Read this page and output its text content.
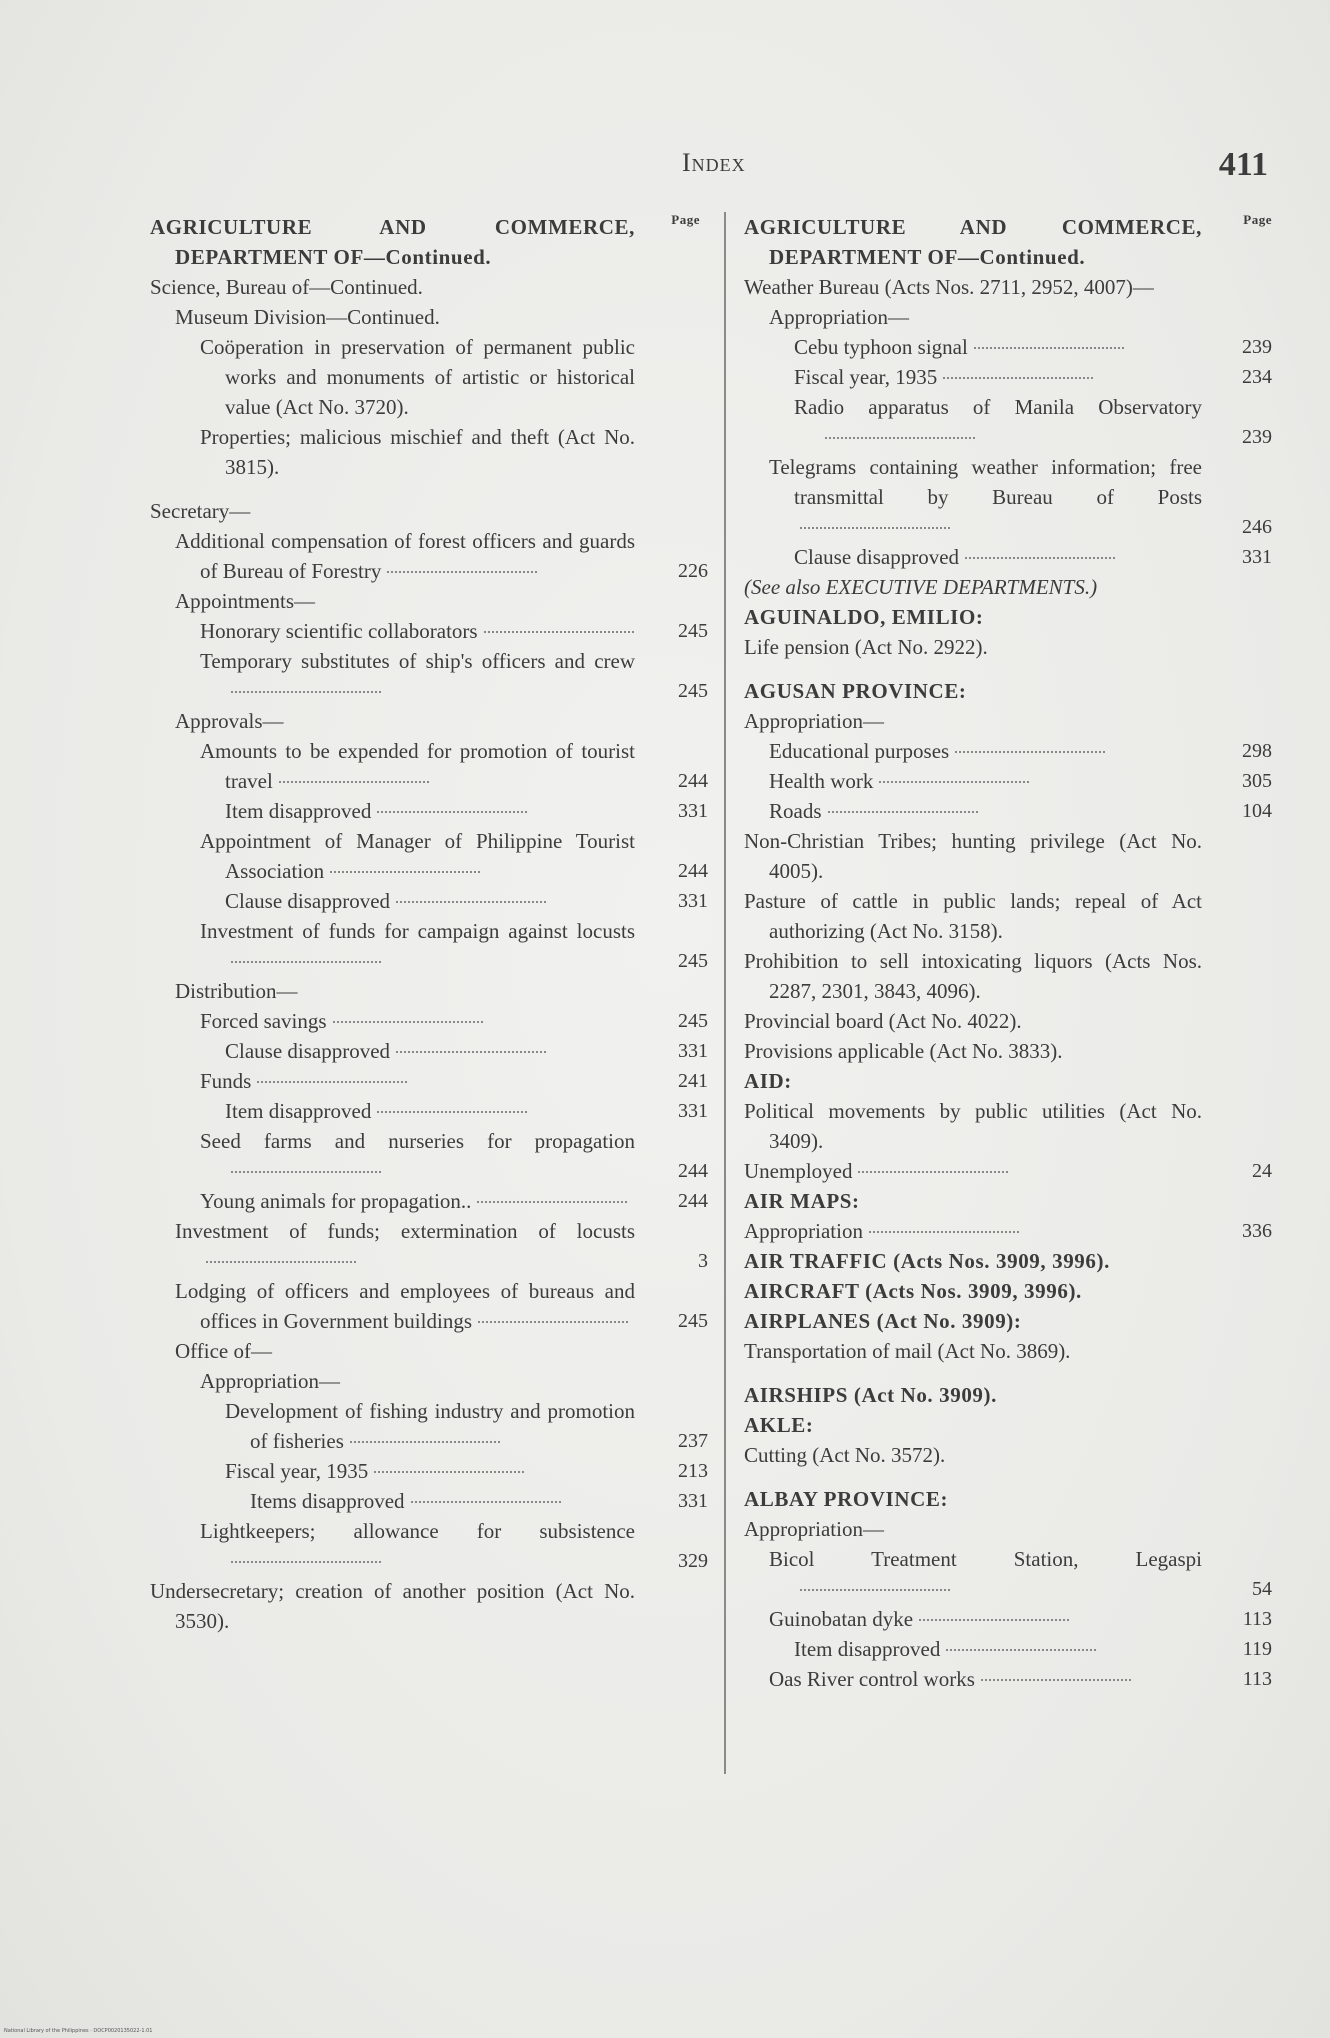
Index	411
Page
AGRICULTURE AND COMMERCE, DEPARTMENT OF—Continued.
Science, Bureau of—Continued.
Museum Division—Continued.
Coöperation in preservation of permanent public works and monuments of artistic or historical value (Act No. 3720).
Properties; malicious mischief and theft (Act No. 3815).
Secretary—
Additional compensation of forest officers and guards of Bureau of Forestry	226
Appointments—
Honorary scientific collaborators	245
Temporary substitutes of ship's officers and crew
245
Approvals—
Amounts to be expended for promotion of tourist travel	244
Item disapproved	331
Appointment of Manager of Philippine Tourist Association	244
Clause disapproved	331
Investment of funds for campaign against locusts
245
Distribution—
Forced savings	245
Clause disapproved	331
Funds	241
Item disapproved	331
Seed farms and nurseries for propagation
244
Young animals for propagation..	244
Investment of funds; extermination of locusts
3
Lodging of officers and employees of bureaus and offices in Government buildings	245
Office of—
Appropriation—
Development of fishing industry and promotion of fisheries	237
Fiscal year, 1935	213
Items disapproved	331
Lightkeepers; allowance for subsistence
329
Undersecretary; creation of another position (Act No. 3530).
Page
AGRICULTURE AND COMMERCE, DEPARTMENT OF—Continued.
Weather Bureau (Acts Nos. 2711, 2952, 4007)—
Appropriation—
Cebu typhoon signal	239
Fiscal year, 1935	234
Radio apparatus of Manila Observatory
239
Telegrams containing weather information; free transmittal by Bureau of Posts
246
Clause disapproved	331
(See also EXECUTIVE DEPARTMENTS.)
AGUINALDO, EMILIO:
Life pension (Act No. 2922).
AGUSAN PROVINCE:
Appropriation—
Educational purposes	298
Health work	305
Roads	104
Non-Christian Tribes; hunting privilege (Act No. 4005).
Pasture of cattle in public lands; repeal of Act authorizing (Act No. 3158).
Prohibition to sell intoxicating liquors (Acts Nos. 2287, 2301, 3843, 4096).
Provincial board (Act No. 4022).
Provisions applicable (Act No. 3833).
AID:
Political movements by public utilities (Act No. 3409).
Unemployed	24
AIR MAPS:
Appropriation	336
AIR TRAFFIC (Acts Nos. 3909, 3996).
AIRCRAFT (Acts Nos. 3909, 3996).
AIRPLANES (Act No. 3909):
Transportation of mail (Act No. 3869).
AIRSHIPS (Act No. 3909).
AKLE:
Cutting (Act No. 3572).
ALBAY PROVINCE:
Appropriation—
Bicol Treatment Station, Legaspi
54
Guinobatan dyke	113
Item disapproved	119
Oas River control works	113
National Library of the Philippines · DOCP0020135022-1.01
